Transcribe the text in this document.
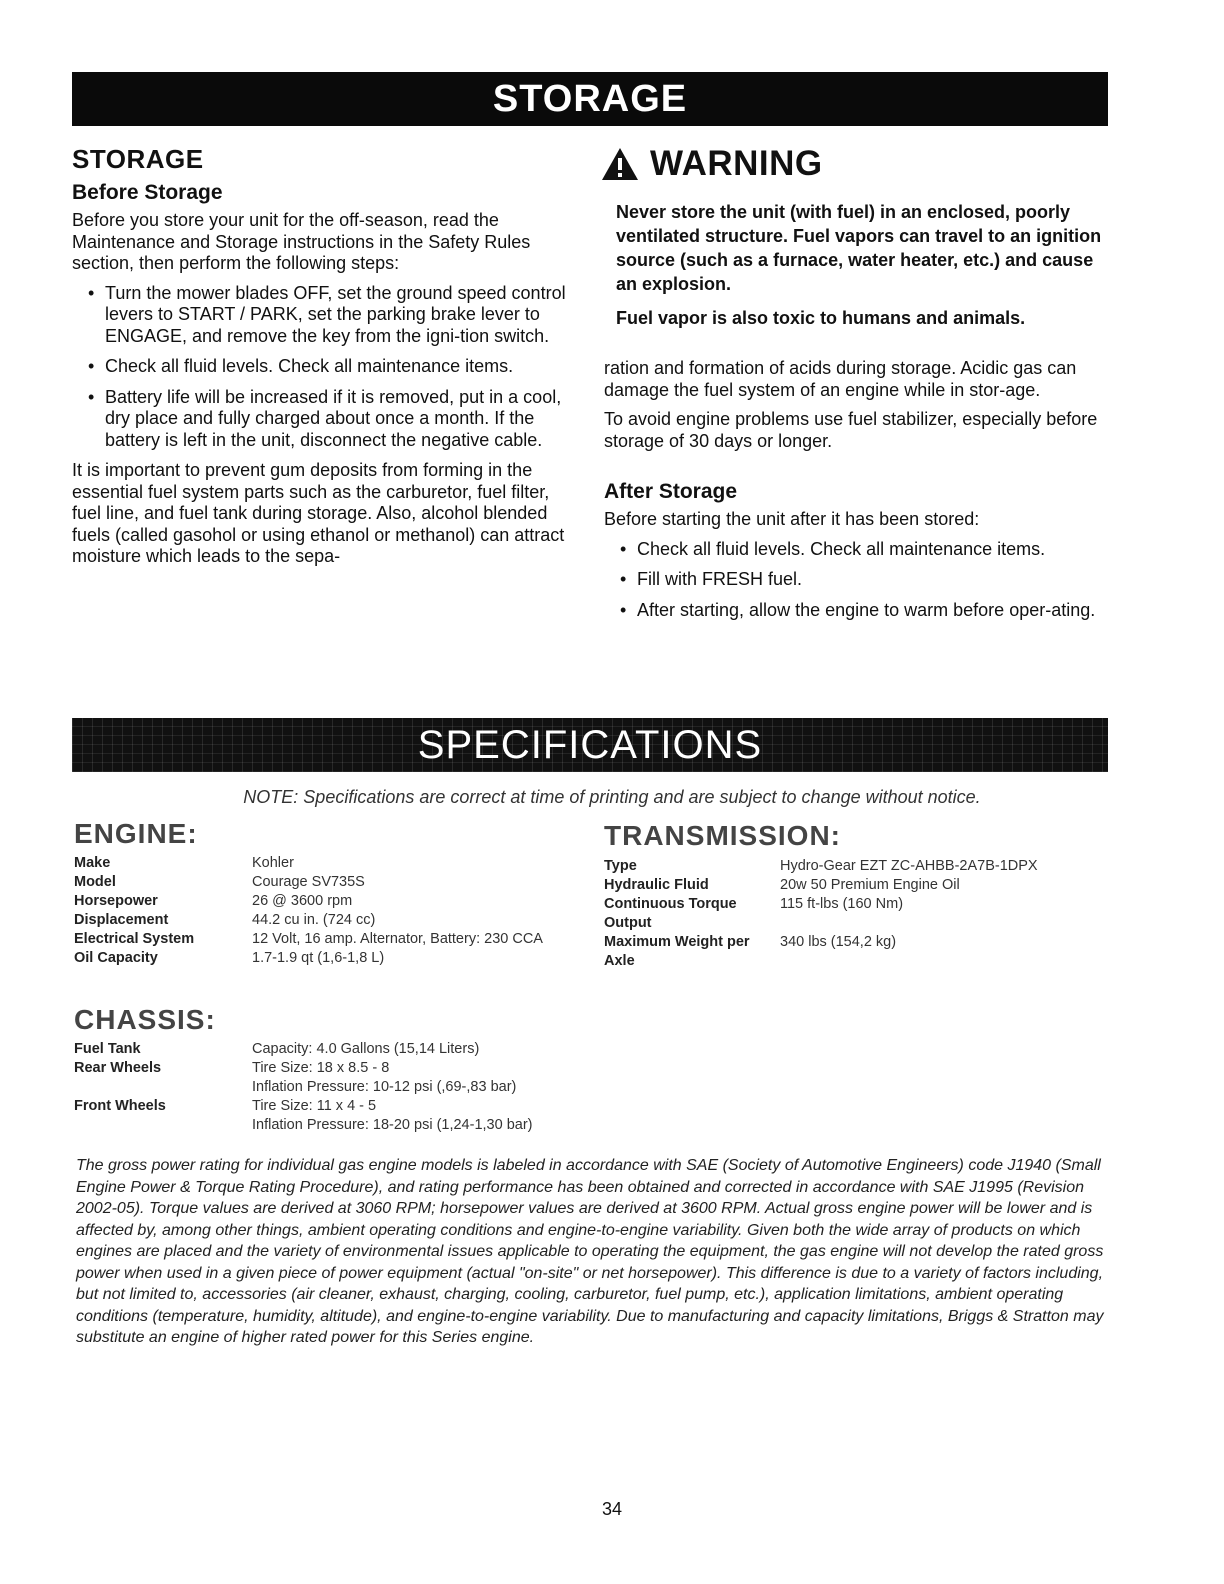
STORAGE
STORAGE
Before Storage

Before you store your unit for the off-season, read the Maintenance and Storage instructions in the Safety Rules section, then perform the following steps:

• Turn the mower blades OFF, set the ground speed control levers to START / PARK, set the parking brake lever to ENGAGE, and remove the key from the igni-tion switch.
• Check all fluid levels. Check all maintenance items.
• Battery life will be increased if it is removed, put in a cool, dry place and fully charged about once a month. If the battery is left in the unit, disconnect the negative cable.

It is important to prevent gum deposits from forming in the essential fuel system parts such as the carburetor, fuel filter, fuel line, and fuel tank during storage. Also, alcohol blended fuels (called gasohol or using ethanol or methanol) can attract moisture which leads to the sepa-

WARNING

Never store the unit (with fuel) in an enclosed, poorly ventilated structure. Fuel vapors can travel to an ignition source (such as a furnace, water heater, etc.) and cause an explosion.

Fuel vapor is also toxic to humans and animals.

ration and formation of acids during storage. Acidic gas can damage the fuel system of an engine while in stor-age.

To avoid engine problems use fuel stabilizer, especially before storage of 30 days or longer.

After Storage

Before starting the unit after it has been stored:

• Check all fluid levels. Check all maintenance items.
• Fill with FRESH fuel.
• After starting, allow the engine to warm before oper-ating.
SPECIFICATIONS
NOTE: Specifications are correct at time of printing and are subject to change without notice.
ENGINE:
Make	Kohler
Model	Courage SV735S
Horsepower	26 @ 3600 rpm
Displacement	44.2 cu in. (724 cc)
Electrical System	12 Volt, 16 amp. Alternator, Battery: 230 CCA
Oil Capacity	1.7-1.9 qt (1,6-1,8 L)
TRANSMISSION:
Type	Hydro-Gear EZT ZC-AHBB-2A7B-1DPX
Hydraulic Fluid	20w 50 Premium Engine Oil
Continuous Torque Output	115 ft-lbs (160 Nm)
Maximum Weight per Axle	340 lbs (154,2 kg)
CHASSIS:
Fuel Tank	Capacity: 4.0 Gallons (15,14 Liters)
Rear Wheels	Tire Size: 18 x 8.5 - 8
	Inflation Pressure: 10-12 psi (,69-,83 bar)
Front Wheels	Tire Size: 11 x 4 - 5
	Inflation Pressure: 18-20 psi (1,24-1,30 bar)

The gross power rating for individual gas engine models is labeled in accordance with SAE (Society of Automotive Engineers) code J1940 (Small Engine Power & Torque Rating Procedure), and rating performance has been obtained and corrected in accordance with SAE J1995 (Revision 2002-05). Torque values are derived at 3060 RPM; horsepower values are derived at 3600 RPM. Actual gross engine power will be lower and is affected by, among other things, ambient operating conditions and engine-to-engine variability. Given both the wide array of products on which engines are placed and the variety of environmental issues applicable to operating the equipment, the gas engine will not develop the rated gross power when used in a given piece of power equipment (actual "on-site" or net horsepower). This difference is due to a variety of factors including, but not limited to, accessories (air cleaner, exhaust, charging, cooling, carburetor, fuel pump, etc.), application limitations, ambient operating conditions (temperature, humidity, altitude), and engine-to-engine variability. Due to manufacturing and capacity limitations, Briggs & Stratton may substitute an engine of higher rated power for this Series engine.

34
